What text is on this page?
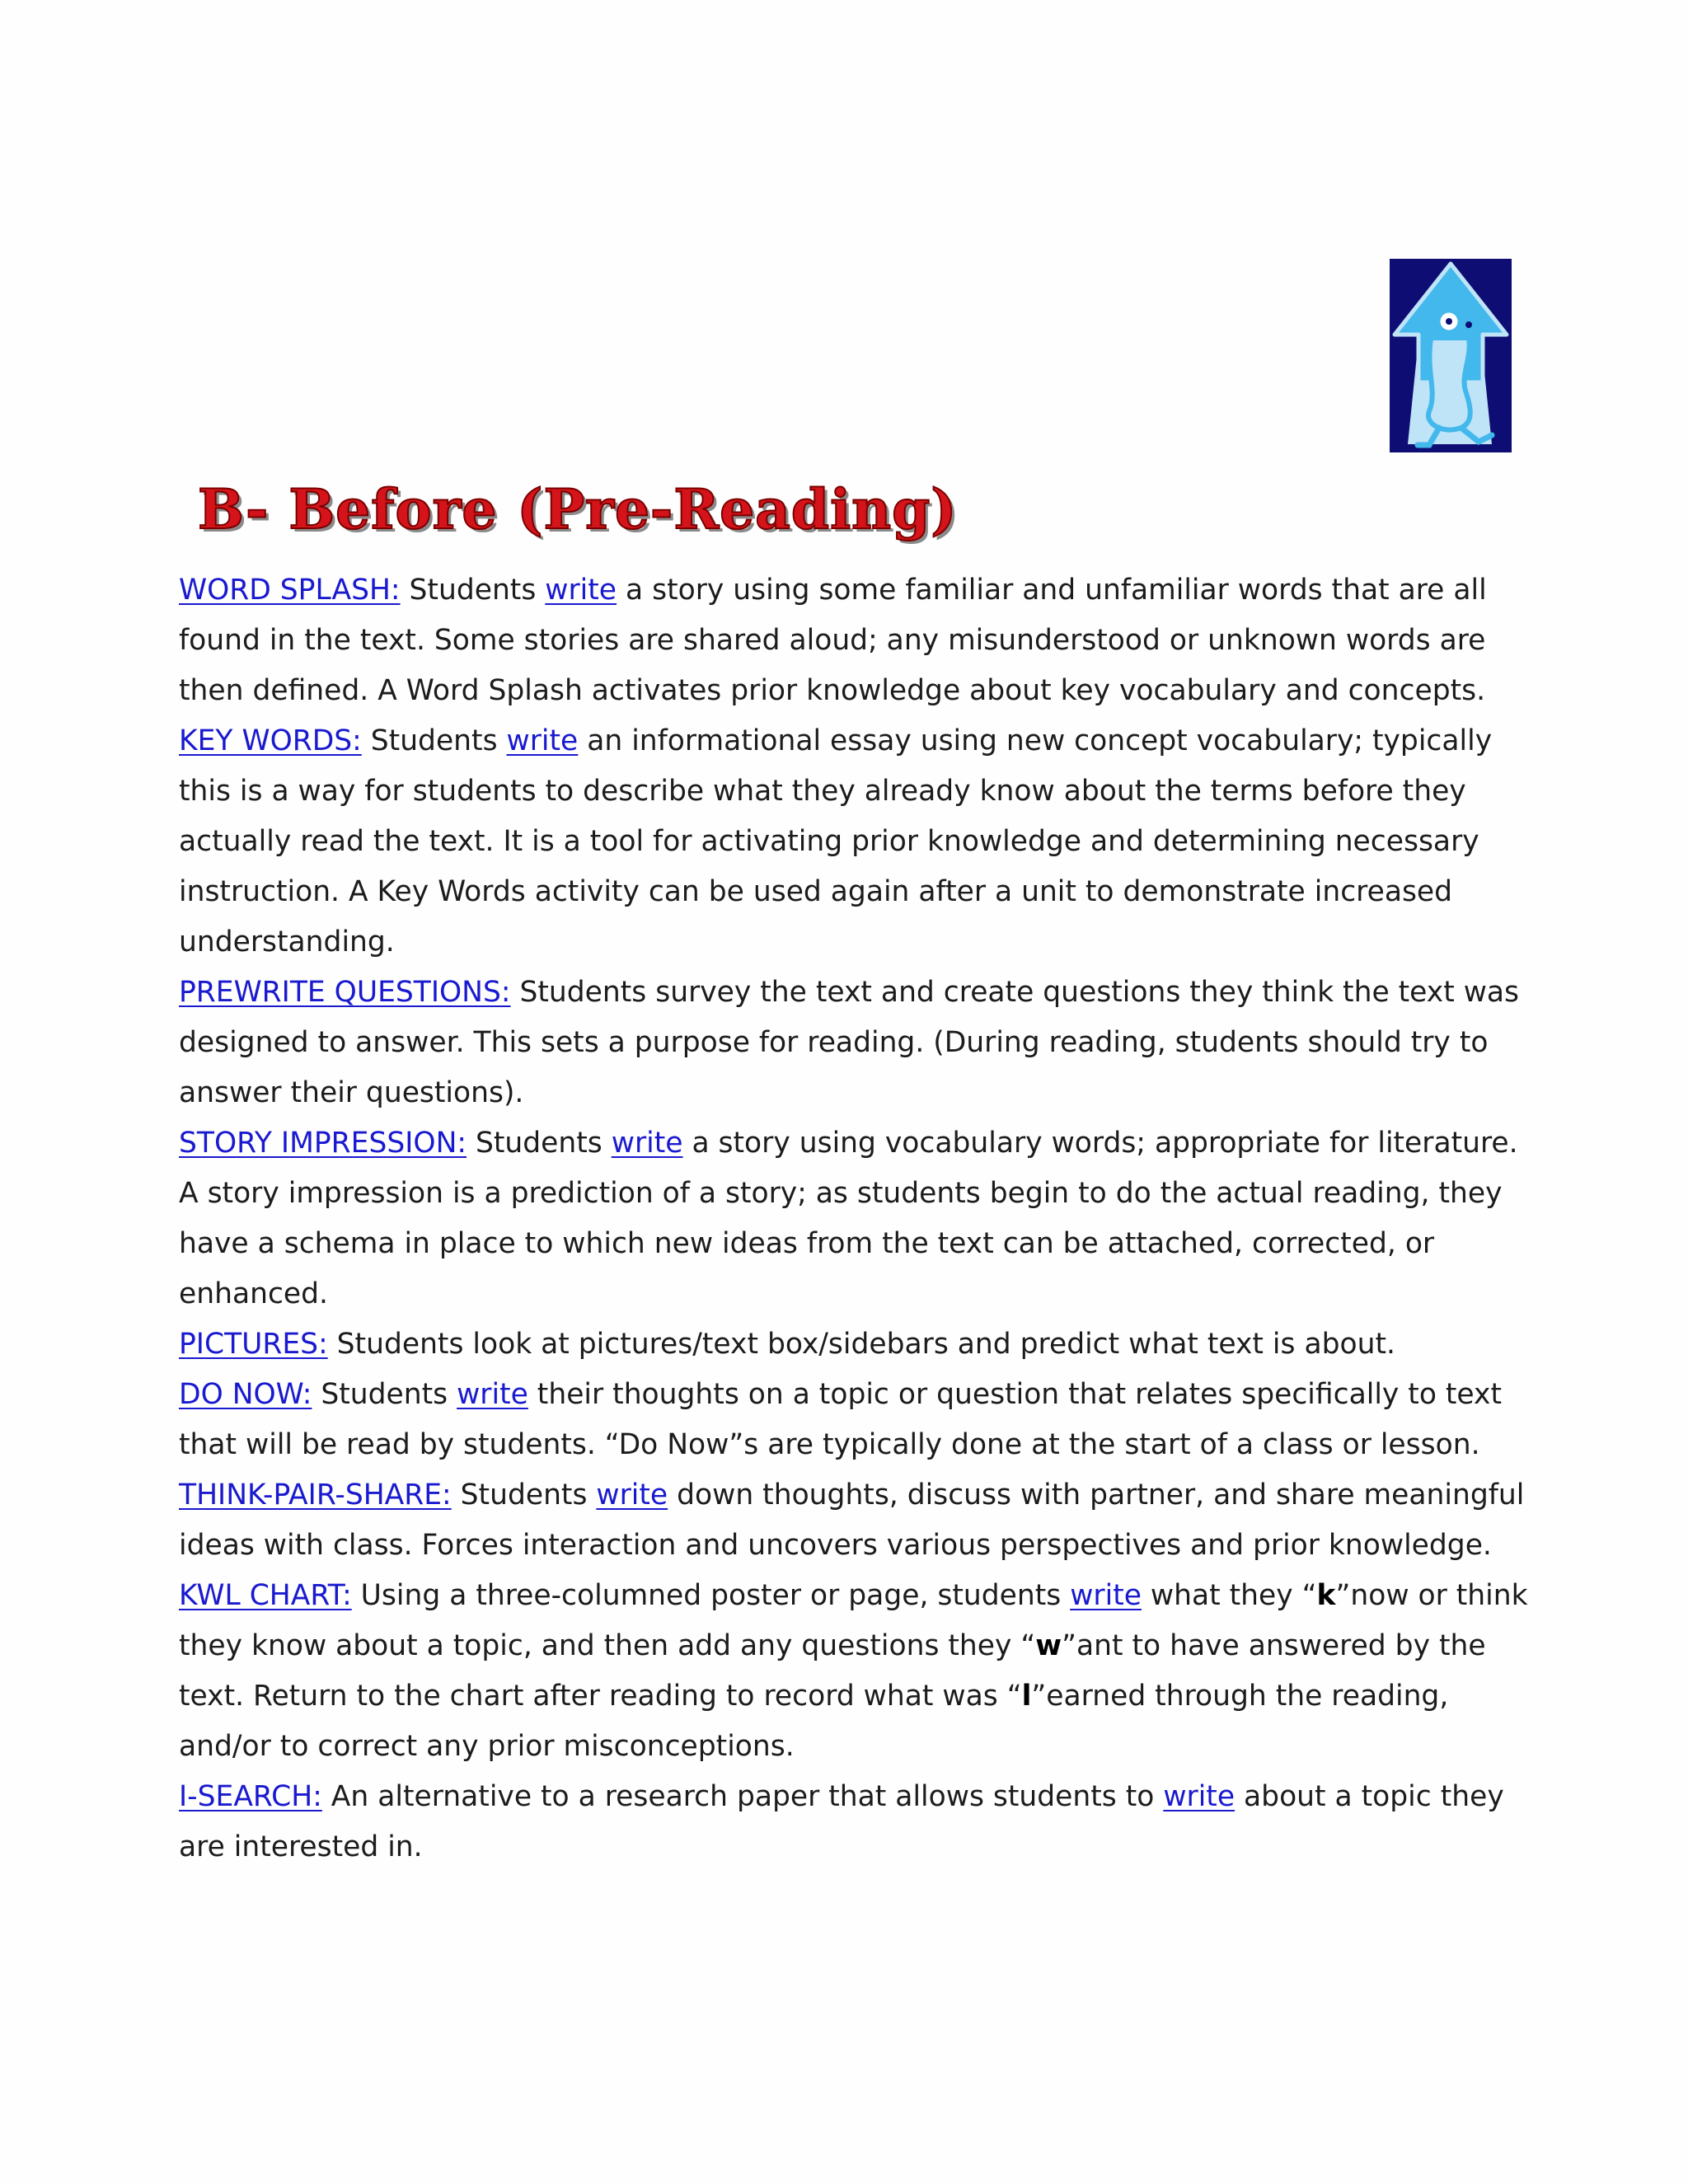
B- Before (Pre-Reading)

WORD SPLASH: Students write a story using some familiar and unfamiliar words that are all found in the text. Some stories are shared aloud; any misunderstood or unknown words are then defined. A Word Splash activates prior knowledge about key vocabulary and concepts.

KEY WORDS: Students write an informational essay using new concept vocabulary; typically this is a way for students to describe what they already know about the terms before they actually read the text. It is a tool for activating prior knowledge and determining necessary instruction. A Key Words activity can be used again after a unit to demonstrate increased understanding.

PREWRITE QUESTIONS: Students survey the text and create questions they think the text was designed to answer. This sets a purpose for reading. (During reading, students should try to answer their questions).

STORY IMPRESSION: Students write a story using vocabulary words; appropriate for literature. A story impression is a prediction of a story; as students begin to do the actual reading, they have a schema in place to which new ideas from the text can be attached, corrected, or enhanced.

PICTURES: Students look at pictures/text box/sidebars and predict what text is about.

DO NOW: Students write their thoughts on a topic or question that relates specifically to text that will be read by students. “Do Now”s are typically done at the start of a class or lesson.

THINK-PAIR-SHARE: Students write down thoughts, discuss with partner, and share meaningful ideas with class. Forces interaction and uncovers various perspectives and prior knowledge.

KWL CHART: Using a three-columned poster or page, students write what they “k”now or think they know about a topic, and then add any questions they “w”ant to have answered by the text. Return to the chart after reading to record what was “l”earned through the reading, and/or to correct any prior misconceptions.

I-SEARCH: An alternative to a research paper that allows students to write about a topic they are interested in.
